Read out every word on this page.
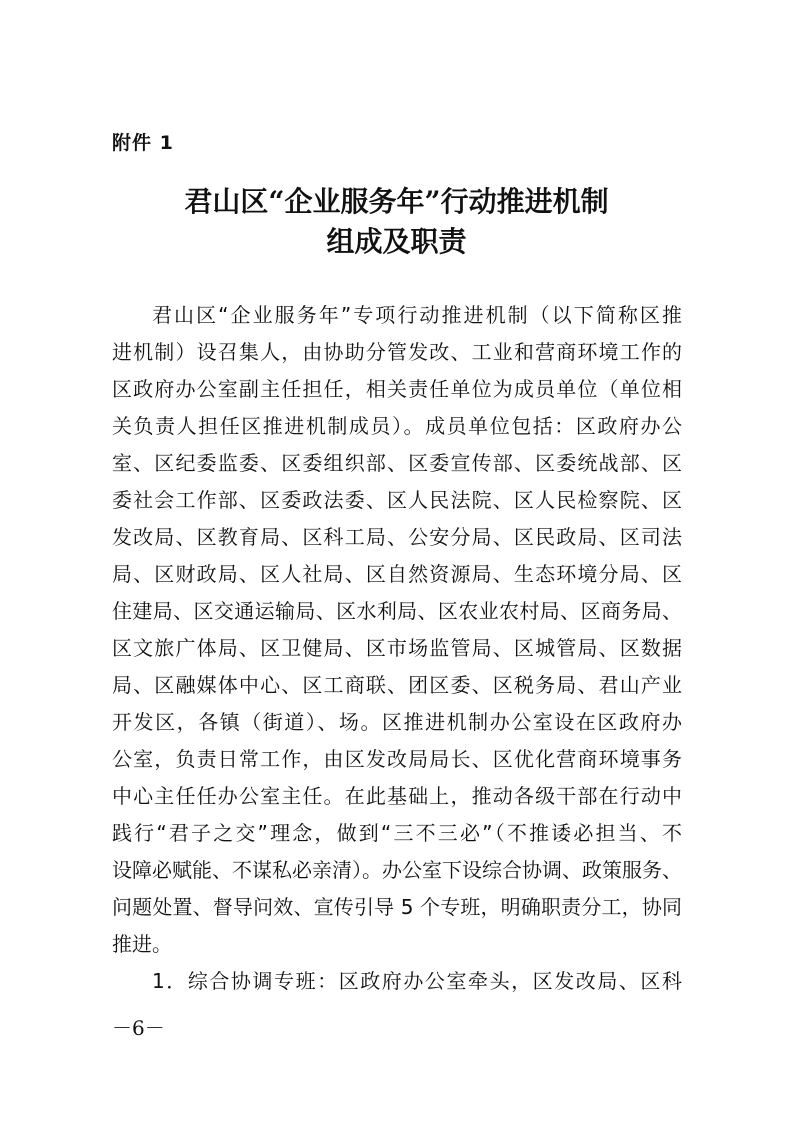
附件 1
君山区“企业服务年”行动推进机制
组成及职责
君山区“企业服务年”专项行动推进机制（以下简称区推
进机制）设召集人，由协助分管发改、工业和营商环境工作的
区政府办公室副主任担任，相关责任单位为成员单位（单位相
关负责人担任区推进机制成员）。成员单位包括：区政府办公
室、区纪委监委、区委组织部、区委宣传部、区委统战部、区
委社会工作部、区委政法委、区人民法院、区人民检察院、区
发改局、区教育局、区科工局、公安分局、区民政局、区司法
局、区财政局、区人社局、区自然资源局、生态环境分局、区
住建局、区交通运输局、区水利局、区农业农村局、区商务局、
区文旅广体局、区卫健局、区市场监管局、区城管局、区数据
局、区融媒体中心、区工商联、团区委、区税务局、君山产业
开发区，各镇（街道）、场。区推进机制办公室设在区政府办
公室，负责日常工作，由区发改局局长、区优化营商环境事务
中心主任任办公室主任。在此基础上，推动各级干部在行动中
践行“君子之交”理念，做到“三不三必”（不推诿必担当、不
设障必赋能、不谋私必亲清）。办公室下设综合协调、政策服务、
问题处置、督导问效、宣传引导 5 个专班，明确职责分工，协同
推进。
1．综合协调专班：区政府办公室牵头，区发改局、区科
－6－
